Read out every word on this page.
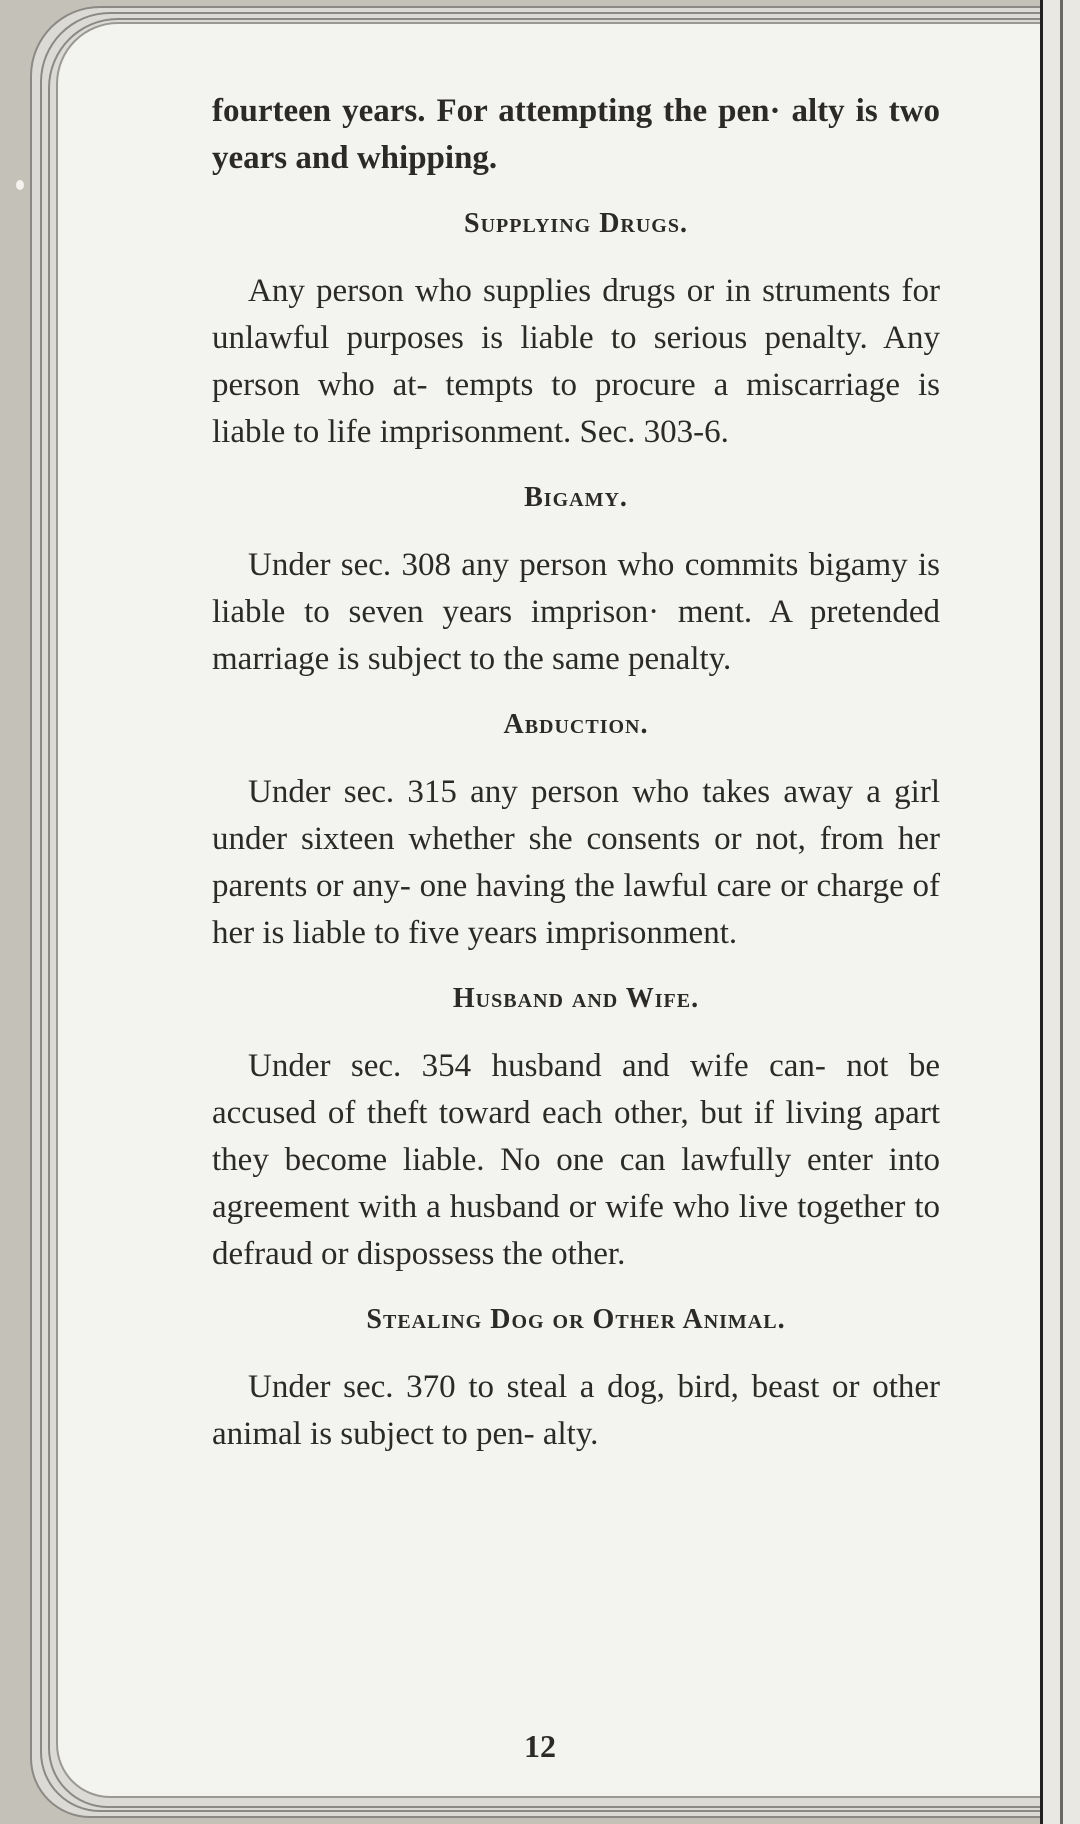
fourteen years. For attempting the pen· alty is two years and whipping.

Supplying Drugs.

Any person who supplies drugs or in struments for unlawful purposes is liable to serious penalty. Any person who at- tempts to procure a miscarriage is liable to life imprisonment. Sec. 303-6.

Bigamy.

Under sec. 308 any person who commits bigamy is liable to seven years imprison· ment. A pretended marriage is subject to the same penalty.

Abduction.

Under sec. 315 any person who takes away a girl under sixteen whether she consents or not, from her parents or any- one having the lawful care or charge of her is liable to five years imprisonment.

Husband and Wife.

Under sec. 354 husband and wife can- not be accused of theft toward each other, but if living apart they become liable. No one can lawfully enter into agreement with a husband or wife who live together to defraud or dispossess the other.

Stealing Dog or Other Animal.

Under sec. 370 to steal a dog, bird, beast or other animal is subject to pen- alty.

12
